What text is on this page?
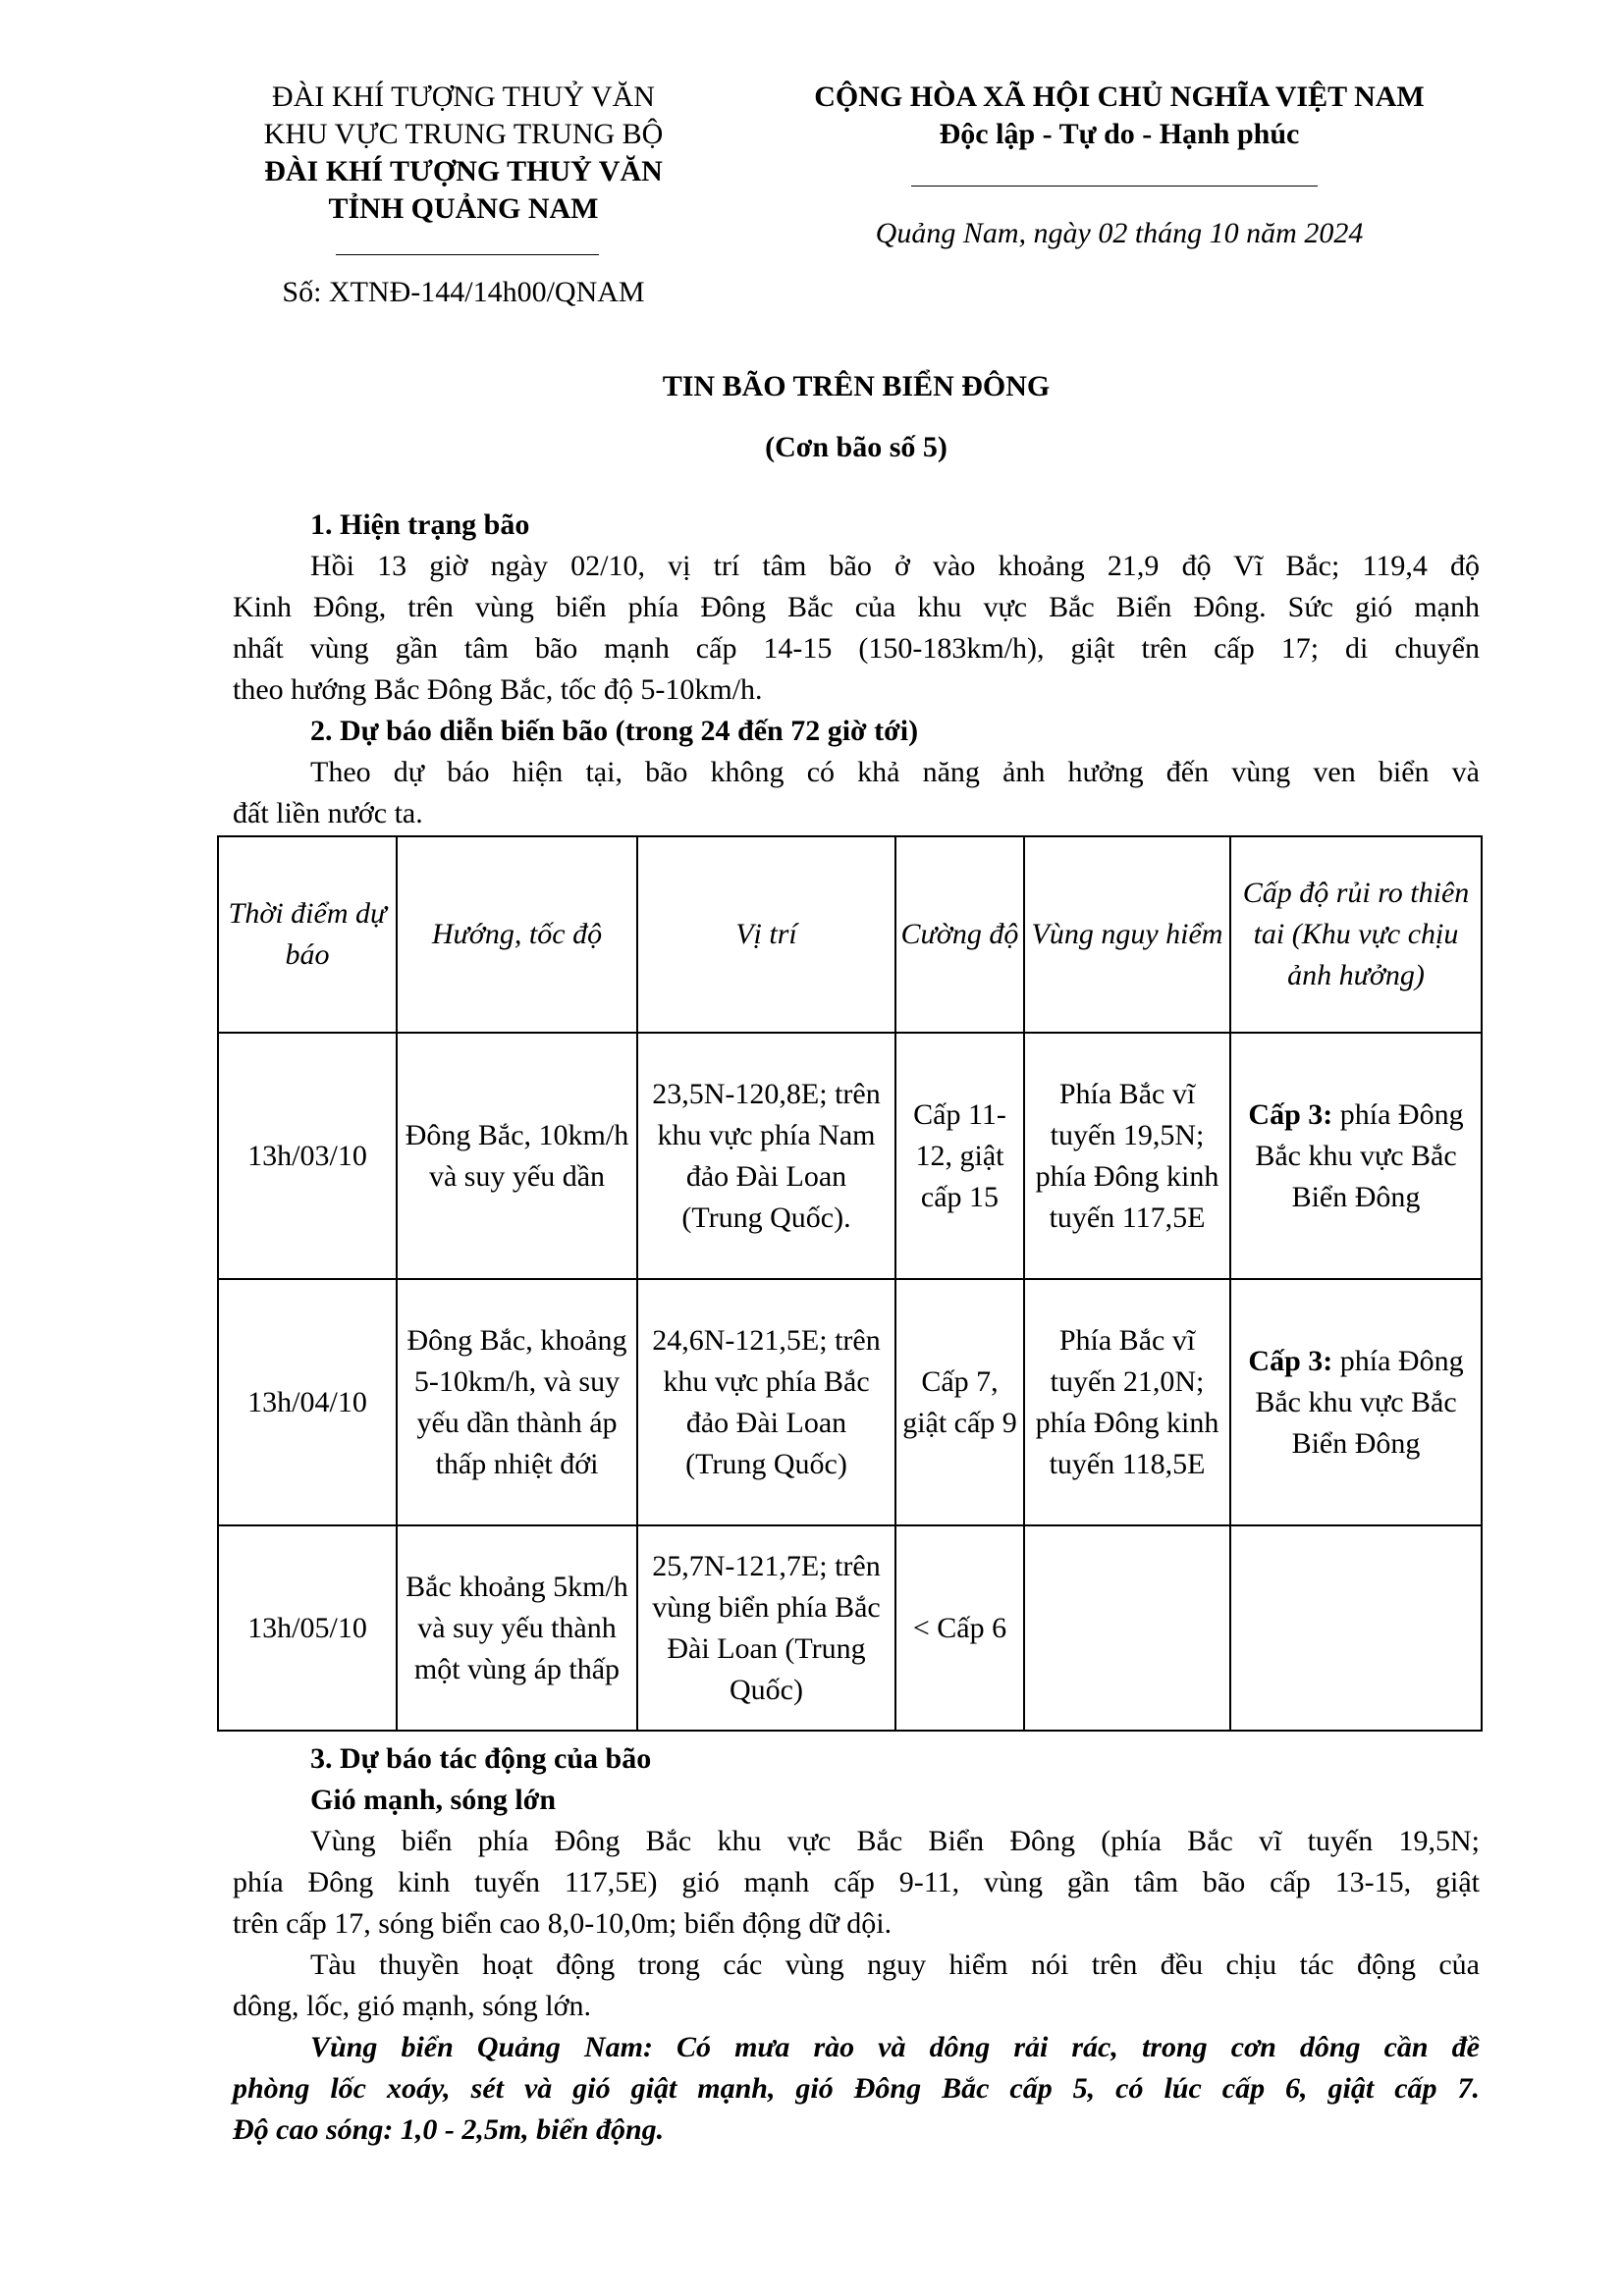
ĐÀI KHÍ TƯỢNG THUỶ VĂN
KHU VỰC TRUNG TRUNG BỘ
ĐÀI KHÍ TƯỢNG THUỶ VĂN
TỈNH QUẢNG NAM
Số: XTNĐ-144/14h00/QNAM
CỘNG HÒA XÃ HỘI CHỦ NGHĨA VIỆT NAM
Độc lập - Tự do - Hạnh phúc
Quảng Nam, ngày 02 tháng 10 năm 2024
TIN BÃO TRÊN BIỂN ĐÔNG
(Cơn bão số 5)
1. Hiện trạng bão
Hồi 13 giờ ngày 02/10, vị trí tâm bão ở vào khoảng 21,9 độ Vĩ Bắc; 119,4 độ
Kinh Đông, trên vùng biển phía Đông Bắc của khu vực Bắc Biển Đông. Sức gió mạnh
nhất vùng gần tâm bão mạnh cấp 14-15 (150-183km/h), giật trên cấp 17; di chuyển
theo hướng Bắc Đông Bắc, tốc độ 5-10km/h.
2. Dự báo diễn biến bão (trong 24 đến 72 giờ tới)
Theo dự báo hiện tại, bão không có khả năng ảnh hưởng đến vùng ven biển và
đất liền nước ta.
Thời điểm dự báo	Hướng, tốc độ	Vị trí	Cường độ	Vùng nguy hiểm	Cấp độ rủi ro thiên tai (Khu vực chịu ảnh hưởng)
13h/03/10	Đông Bắc, 10km/h và suy yếu dần	23,5N-120,8E; trên khu vực phía Nam đảo Đài Loan (Trung Quốc).	Cấp 11-12, giật cấp 15	Phía Bắc vĩ tuyến 19,5N; phía Đông kinh tuyến 117,5E	Cấp 3: phía Đông Bắc khu vực Bắc Biển Đông
13h/04/10	Đông Bắc, khoảng 5-10km/h, và suy yếu dần thành áp thấp nhiệt đới	24,6N-121,5E; trên khu vực phía Bắc đảo Đài Loan (Trung Quốc)	Cấp 7, giật cấp 9	Phía Bắc vĩ tuyến 21,0N; phía Đông kinh tuyến 118,5E	Cấp 3: phía Đông Bắc khu vực Bắc Biển Đông
13h/05/10	Bắc khoảng 5km/h và suy yếu thành một vùng áp thấp	25,7N-121,7E; trên vùng biển phía Bắc Đài Loan (Trung Quốc)	< Cấp 6		
3. Dự báo tác động của bão
Gió mạnh, sóng lớn
Vùng biển phía Đông Bắc khu vực Bắc Biển Đông (phía Bắc vĩ tuyến 19,5N;
phía Đông kinh tuyến 117,5E) gió mạnh cấp 9-11, vùng gần tâm bão cấp 13-15, giật
trên cấp 17, sóng biển cao 8,0-10,0m; biển động dữ dội.
Tàu thuyền hoạt động trong các vùng nguy hiểm nói trên đều chịu tác động của
dông, lốc, gió mạnh, sóng lớn.
Vùng biển Quảng Nam: Có mưa rào và dông rải rác, trong cơn dông cần đề
phòng lốc xoáy, sét và gió giật mạnh, gió Đông Bắc cấp 5, có lúc cấp 6, giật cấp 7.
Độ cao sóng: 1,0 - 2,5m, biển động.
